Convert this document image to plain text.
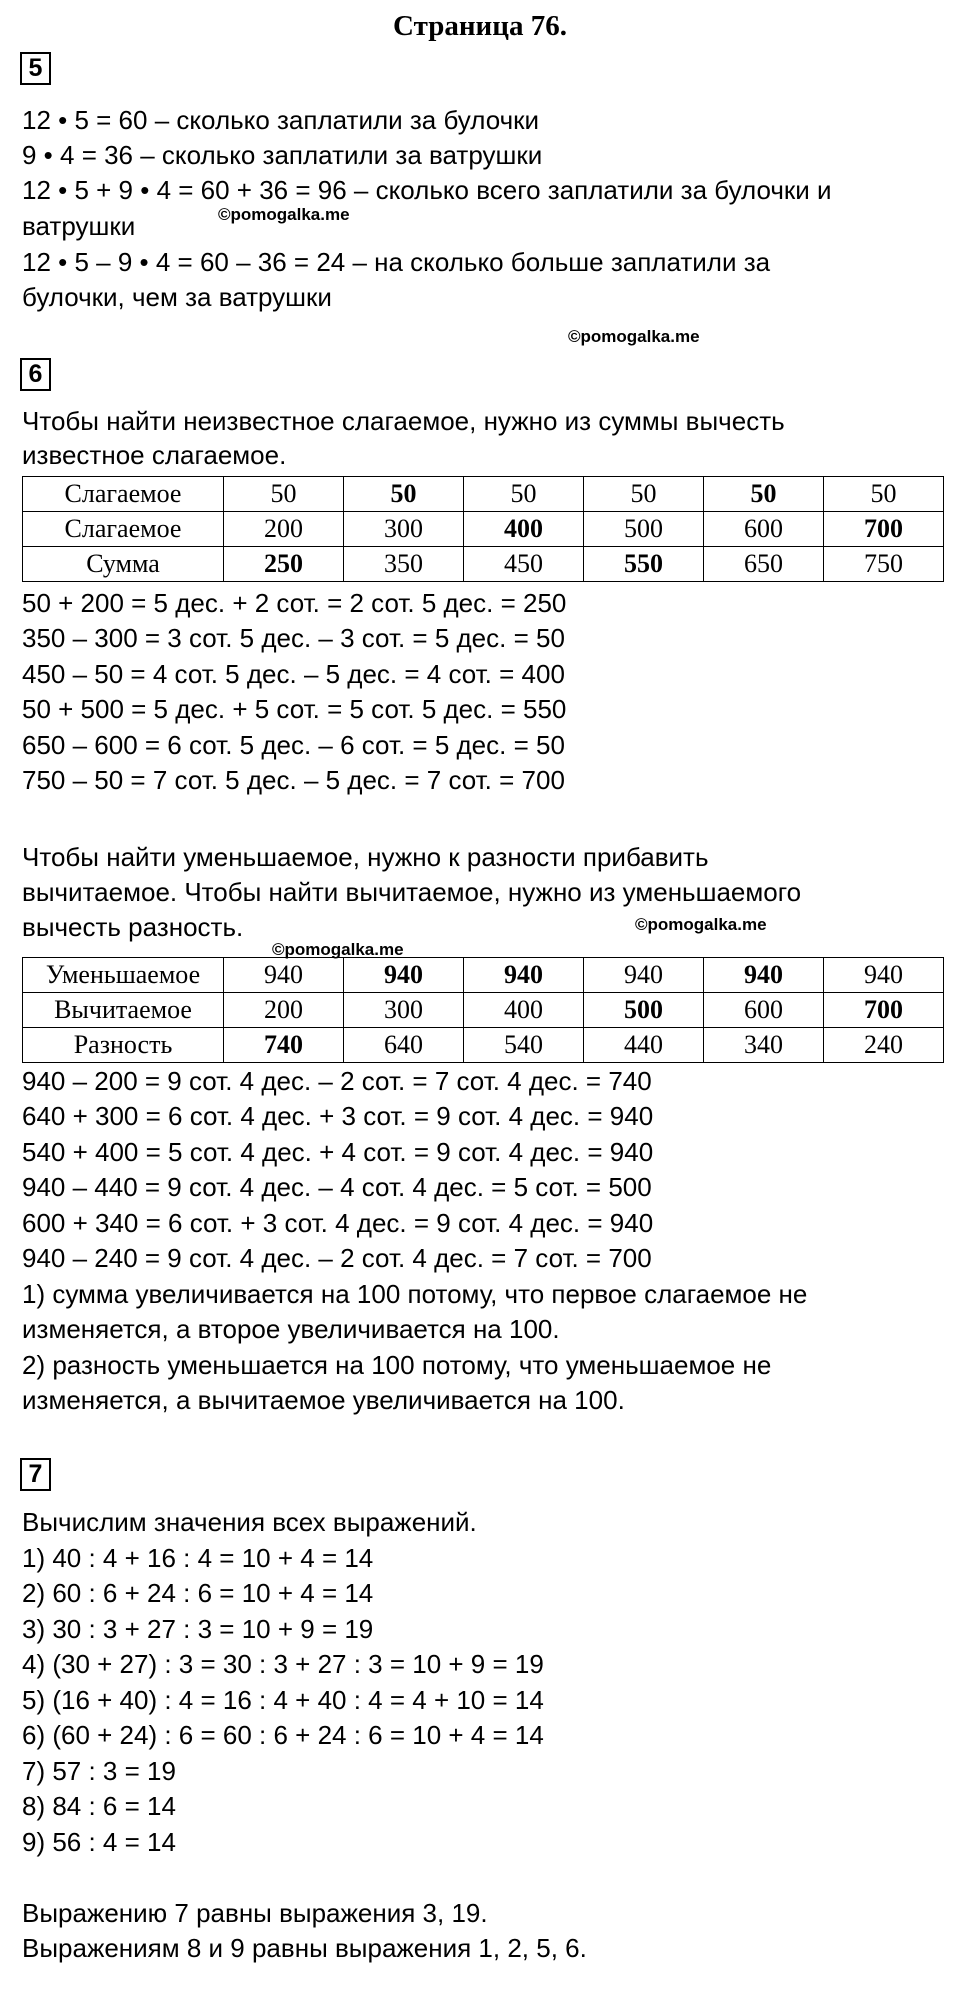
Страница 76.
5
12 • 5 = 60 – сколько заплатили за булочки
9 • 4 = 36 – сколько заплатили за ватрушки
12 • 5 + 9 • 4 = 60 + 36 = 96 – сколько всего заплатили за булочки и
©pomogalka.me
ватрушки
12 • 5 – 9 • 4 = 60 – 36 = 24 – на сколько больше заплатили за
булочки, чем за ватрушки
©pomogalka.me
6
Чтобы найти неизвестное слагаемое, нужно из суммы вычесть
известное слагаемое.
Слагаемое	50	50	50	50	50	50
Слагаемое	200	300	400	500	600	700
Сумма	250	350	450	550	650	750
50 + 200 = 5 дес. + 2 сот. = 2 сот. 5 дес. = 250
350 – 300 = 3 сот. 5 дес. – 3 сот. = 5 дес. = 50
450 – 50 = 4 сот. 5 дес. – 5 дес. = 4 сот. = 400
50 + 500 = 5 дес. + 5 сот. = 5 сот. 5 дес. = 550
650 – 600 = 6 сот. 5 дес. – 6 сот. = 5 дес. = 50
750 – 50 = 7 сот. 5 дес. – 5 дес. = 7 сот. = 700
Чтобы найти уменьшаемое, нужно к разности прибавить
вычитаемое. Чтобы найти вычитаемое, нужно из уменьшаемого
вычесть разность.	©pomogalka.me
©pomogalka.me
Уменьшаемое	940	940	940	940	940	940
Вычитаемое	200	300	400	500	600	700
Разность	740	640	540	440	340	240
940 – 200 = 9 сот. 4 дес. – 2 сот. = 7 сот. 4 дес. = 740
640 + 300 = 6 сот. 4 дес. + 3 сот. = 9 сот. 4 дес. = 940
540 + 400 = 5 сот. 4 дес. + 4 сот. = 9 сот. 4 дес. = 940
940 – 440 = 9 сот. 4 дес. – 4 сот. 4 дес. = 5 сот. = 500
600 + 340 = 6 сот. + 3 сот. 4 дес. = 9 сот. 4 дес. = 940
940 – 240 = 9 сот. 4 дес. – 2 сот. 4 дес. = 7 сот. = 700
1) сумма увеличивается на 100 потому, что первое слагаемое не
изменяется, а второе увеличивается на 100.
2) разность уменьшается на 100 потому, что уменьшаемое не
изменяется, а вычитаемое увеличивается на 100.
7
Вычислим значения всех выражений.
1) 40 : 4 + 16 : 4 = 10 + 4 = 14
2) 60 : 6 + 24 : 6 = 10 + 4 = 14
3) 30 : 3 + 27 : 3 = 10 + 9 = 19
4) (30 + 27) : 3 = 30 : 3 + 27 : 3 = 10 + 9 = 19
5) (16 + 40) : 4 = 16 : 4 + 40 : 4 = 4 + 10 = 14
6) (60 + 24) : 6 = 60 : 6 + 24 : 6 = 10 + 4 = 14
7) 57 : 3 = 19
8) 84 : 6 = 14
9) 56 : 4 = 14
Выражению 7 равны выражения 3, 19.
Выражениям 8 и 9 равны выражения 1, 2, 5, 6.
